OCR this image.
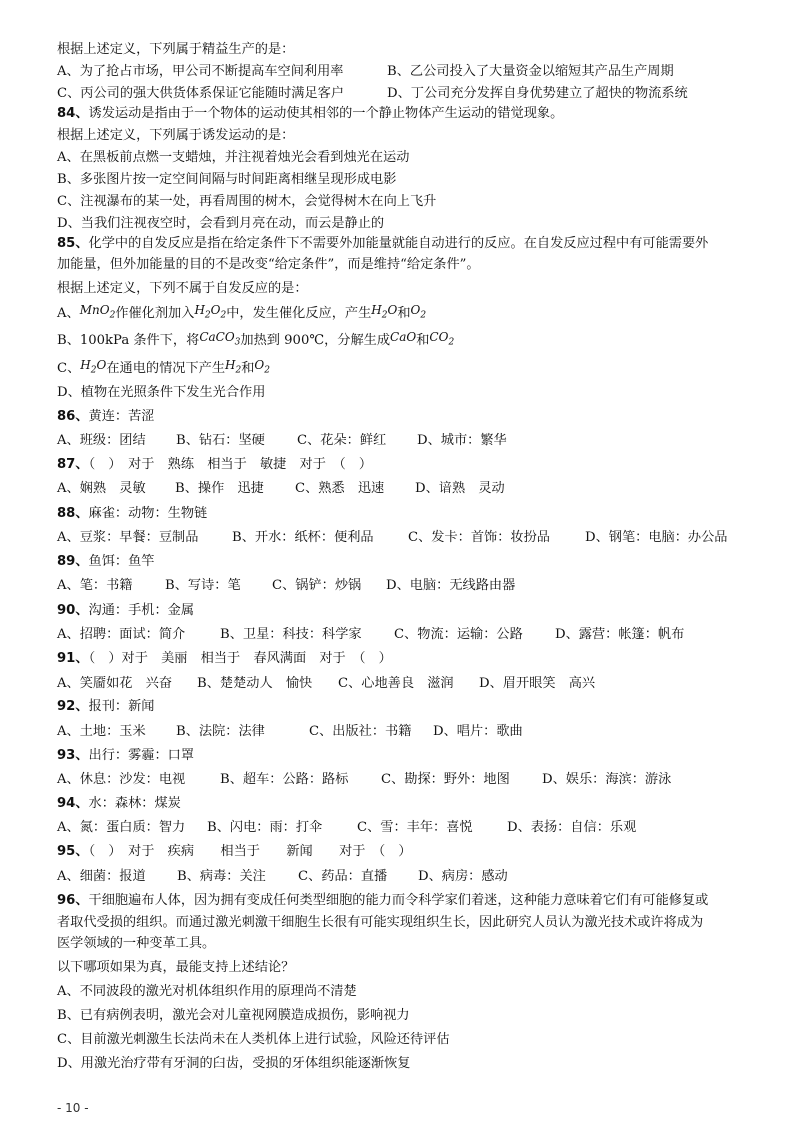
根据上述定义，下列属于精益生产的是：
A、为了抢占市场，甲公司不断提高车空间利用率	B、乙公司投入了大量资金以缩短其产品生产周期
C、丙公司的强大供货体系保证它能随时满足客户	D、丁公司充分发挥自身优势建立了超快的物流系统
84、诱发运动是指由于一个物体的运动使其相邻的一个静止物体产生运动的错觉现象。
根据上述定义，下列属于诱发运动的是：
A、在黑板前点燃一支蜡烛，并注视着烛光会看到烛光在运动
B、多张图片按一定空间间隔与时间距离相继呈现形成电影
C、注视瀑布的某一处，再看周围的树木，会觉得树木在向上飞升
D、当我们注视夜空时，会看到月亮在动，而云是静止的
85、化学中的自发反应是指在给定条件下不需要外加能量就能自动进行的反应。在自发反应过程中有可能需要外
加能量，但外加能量的目的不是改变“给定条件”，而是维持“给定条件”。
根据上述定义，下列不属于自发反应的是：
A、MnO$_2$作催化剂加入$H_2O_2$中，发生催化反应，产生$H_2O$和$O_2$
B、100kPa 条件下，将CaCO$_3$加热到 900℃，分解生成CaO和$CO_2$
C、$H_2O$在通电的情况下产生$H_2$和$O_2$
D、植物在光照条件下发生光合作用
86、黄连：苦涩
A、班级：团结 B、钻石：坚硬 C、花朵：鲜红 D、城市：繁华
87、（　）　对于　熟练　相当于　敏捷　对于　（　）
A、娴熟　灵敏 B、操作　迅捷 C、熟悉　迅速 D、谙熟　灵动
88、麻雀：动物：生物链
A、豆浆：早餐：豆制品	B、开水：纸杯：便利品	C、发卡：首饰：妆扮品	D、钢笔：电脑：办公品
89、鱼饵：鱼竿
A、笔：书籍 B、写诗：笔 C、锅铲：炒锅 D、电脑：无线路由器
90、沟通：手机：金属
A、招聘：面试：简介	B、卫星：科技：科学家 C、物流：运输：公路 D、露营：帐篷：帆布
91、（　）对于　美丽　相当于　春风满面　对于　（　）
A、笑靥如花　兴奋 B、楚楚动人　愉快 C、心地善良　滋润 D、眉开眼笑　高兴
92、报刊：新闻
A、土地：玉米 B、法院：法律	C、出版社：书籍 D、唱片：歌曲
93、出行：雾霾：口罩
A、休息：沙发：电视	B、超车：公路：路标 C、勘探：野外：地图 D、娱乐：海滨：游泳
94、水：森林：煤炭
A、氮：蛋白质：智力 B、闪电：雨：打伞	C、雪：丰年：喜悦	D、表扬：自信：乐观
95、（　）　对于　疾病　　相当于　　新闻　　对于　（　）
A、细菌：报道 B、病毒：关注 C、药品：直播 D、病房：感动
96、干细胞遍布人体，因为拥有变成任何类型细胞的能力而令科学家们着迷，这种能力意味着它们有可能修复或
者取代受损的组织。而通过激光刺激干细胞生长很有可能实现组织生长，因此研究人员认为激光技术或许将成为
医学领域的一种变革工具。
以下哪项如果为真，最能支持上述结论？
A、不同波段的激光对机体组织作用的原理尚不清楚
B、已有病例表明，激光会对儿童视网膜造成损伤，影响视力
C、目前激光刺激生长法尚未在人类机体上进行试验，风险还待评估
D、用激光治疗带有牙洞的臼齿，受损的牙体组织能逐渐恢复
- 10 -
